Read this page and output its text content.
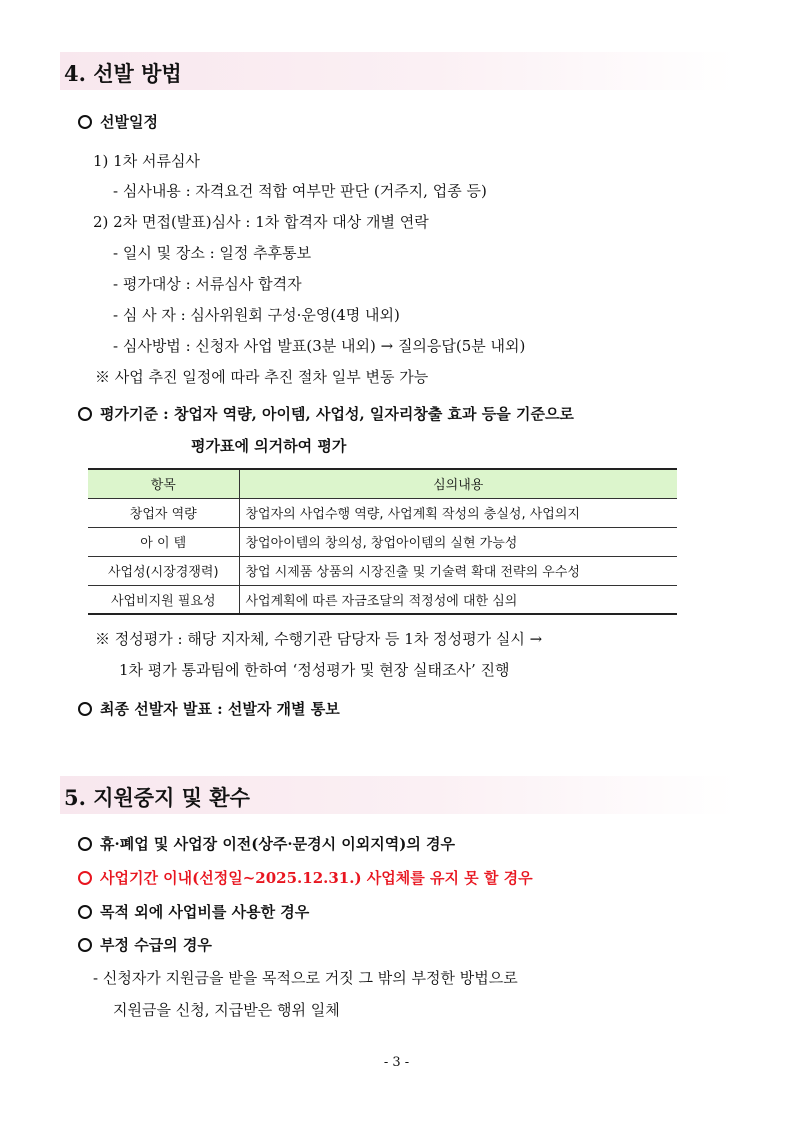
4. 선발 방법
선발일정
1) 1차 서류심사
- 심사내용 : 자격요건 적합 여부만 판단 (거주지, 업종 등)
2) 2차 면접(발표)심사 : 1차 합격자 대상 개별 연락
- 일시 및 장소 : 일정 추후통보
- 평가대상 : 서류심사 합격자
- 심 사 자 : 심사위원회 구성·운영(4명 내외)
- 심사방법 : 신청자 사업 발표(3분 내외) → 질의응답(5분 내외)
※ 사업 추진 일정에 따라 추진 절차 일부 변동 가능
평가기준 : 창업자 역량, 아이템, 사업성, 일자리창출 효과 등을 기준으로
평가표에 의거하여 평가
항목	심의내용
창업자 역량	창업자의 사업수행 역량, 사업계획 작성의 충실성, 사업의지
아 이 템	창업아이템의 창의성, 창업아이템의 실현 가능성
사업성(시장경쟁력)	창업 시제품 상품의 시장진출 및 기술력 확대 전략의 우수성
사업비지원 필요성	사업계획에 따른 자금조달의 적정성에 대한 심의
※ 정성평가 : 해당 지자체, 수행기관 담당자 등 1차 정성평가 실시 →
1차 평가 통과팀에 한하여 ‘정성평가 및 현장 실태조사’ 진행
최종 선발자 발표 : 선발자 개별 통보
5. 지원중지 및 환수
휴·폐업 및 사업장 이전(상주·문경시 이외지역)의 경우
사업기간 이내(선정일~2025.12.31.) 사업체를 유지 못 할 경우
목적 외에 사업비를 사용한 경우
부정 수급의 경우
- 신청자가 지원금을 받을 목적으로 거짓 그 밖의 부정한 방법으로
지원금을 신청, 지급받은 행위 일체
- 3 -
